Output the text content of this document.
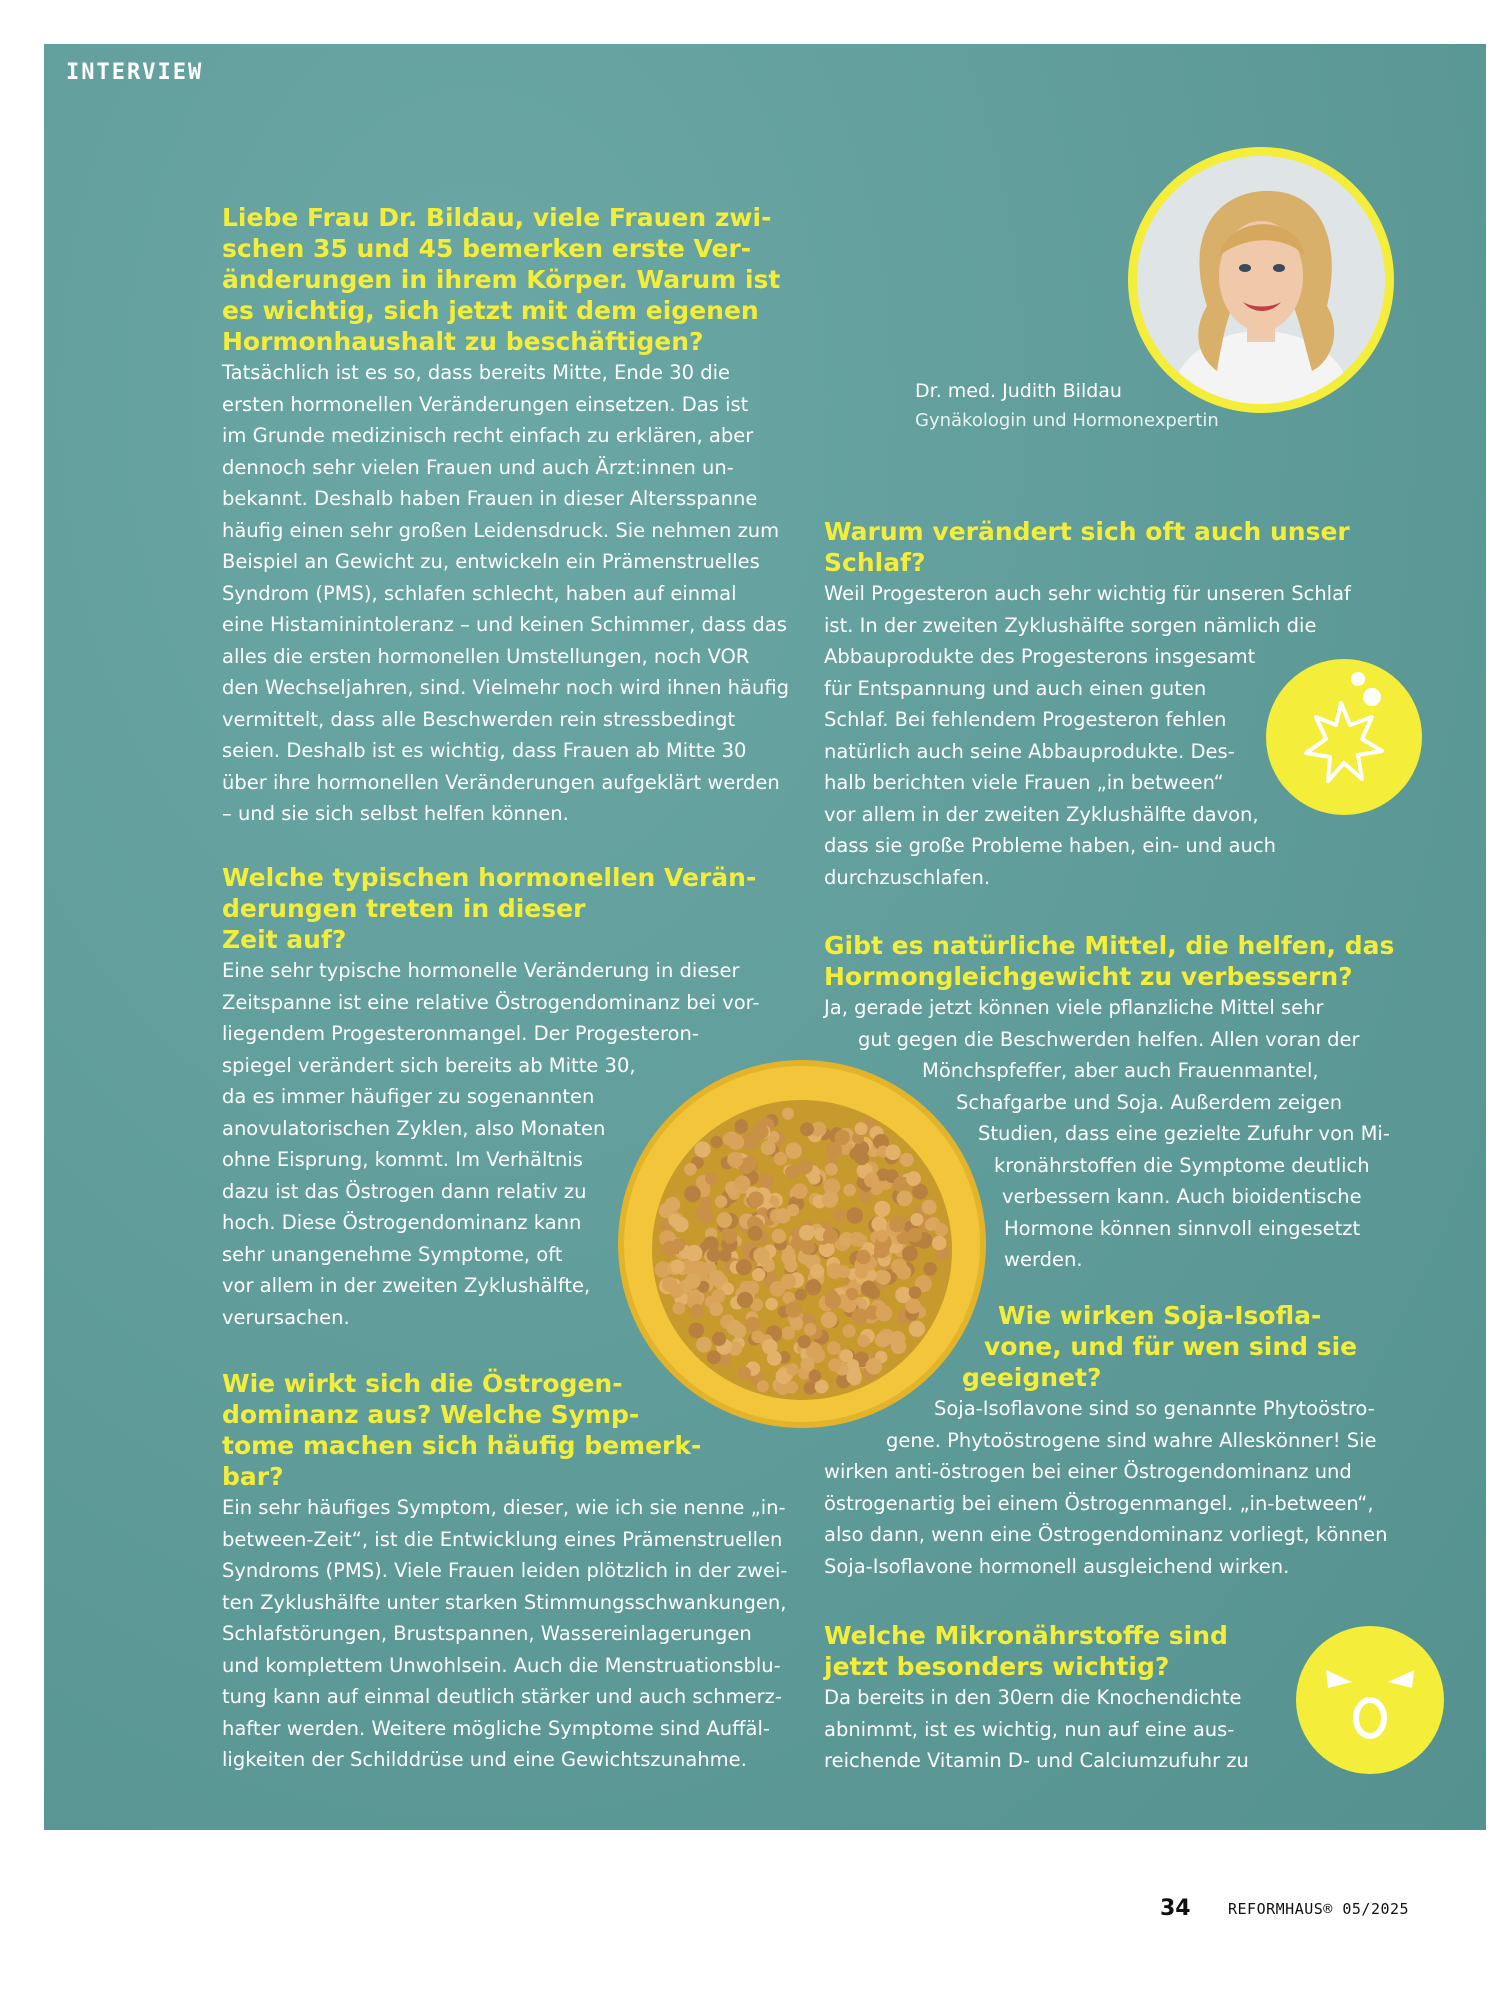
INTERVIEW
Liebe Frau Dr. Bildau, viele Frauen zwi-
schen 35 und 45 bemerken erste Ver-
änderungen in ihrem Körper. Warum ist
es wichtig, sich jetzt mit dem eigenen
Hormonhaushalt zu beschäftigen?
Tatsächlich ist es so, dass bereits Mitte, Ende 30 die
ersten hormonellen Veränderungen einsetzen. Das ist
im Grunde medizinisch recht einfach zu erklären, aber
dennoch sehr vielen Frauen und auch Ärzt:innen un-
bekannt. Deshalb haben Frauen in dieser Altersspanne
häufig einen sehr großen Leidensdruck. Sie nehmen zum
Beispiel an Gewicht zu, entwickeln ein Prämenstruelles
Syndrom (PMS), schlafen schlecht, haben auf einmal
eine Histaminintoleranz – und keinen Schimmer, dass das
alles die ersten hormonellen Umstellungen, noch VOR
den Wechseljahren, sind. Vielmehr noch wird ihnen häufig
vermittelt, dass alle Beschwerden rein stressbedingt
seien. Deshalb ist es wichtig, dass Frauen ab Mitte 30
über ihre hormonellen Veränderungen aufgeklärt werden
– und sie sich selbst helfen können.
Welche typischen hormonellen Verän-
derungen treten in dieser
Zeit auf?
Eine sehr typische hormonelle Veränderung in dieser
Zeitspanne ist eine relative Östrogendominanz bei vor-
liegendem Progesteronmangel. Der Progesteron-
spiegel verändert sich bereits ab Mitte 30,
da es immer häufiger zu sogenannten
anovulatorischen Zyklen, also Monaten
ohne Eisprung, kommt. Im Verhältnis
dazu ist das Östrogen dann relativ zu
hoch. Diese Östrogendominanz kann
sehr unangenehme Symptome, oft
vor allem in der zweiten Zyklushälfte,
verursachen.
Wie wirkt sich die Östrogen-
dominanz aus? Welche Symp-
tome machen sich häufig bemerk-
bar?
Ein sehr häufiges Symptom, dieser, wie ich sie nenne „in-
between-Zeit“, ist die Entwicklung eines Prämenstruellen
Syndroms (PMS). Viele Frauen leiden plötzlich in der zwei-
ten Zyklushälfte unter starken Stimmungsschwankungen,
Schlafstörungen, Brustspannen, Wassereinlagerungen
und komplettem Unwohlsein. Auch die Menstruationsblu-
tung kann auf einmal deutlich stärker und auch schmerz-
hafter werden. Weitere mögliche Symptome sind Auffäl-
ligkeiten der Schilddrüse und eine Gewichtszunahme.
Dr. med. Judith Bildau
Gynäkologin und Hormonexpertin
Warum verändert sich oft auch unser
Schlaf?
Weil Progesteron auch sehr wichtig für unseren Schlaf
ist. In der zweiten Zyklushälfte sorgen nämlich die
Abbauprodukte des Progesterons insgesamt
für Entspannung und auch einen guten
Schlaf. Bei fehlendem Progesteron fehlen
natürlich auch seine Abbauprodukte. Des-
halb berichten viele Frauen „in between“
vor allem in der zweiten Zyklushälfte davon,
dass sie große Probleme haben, ein- und auch
durchzuschlafen.
Gibt es natürliche Mittel, die helfen, das
Hormongleichgewicht zu verbessern?
Ja, gerade jetzt können viele pflanzliche Mittel sehr
gut gegen die Beschwerden helfen. Allen voran der
Mönchspfeffer, aber auch Frauenmantel,
Schafgarbe und Soja. Außerdem zeigen
Studien, dass eine gezielte Zufuhr von Mi-
kronährstoffen die Symptome deutlich
verbessern kann. Auch bioidentische
Hormone können sinnvoll eingesetzt
werden.
Wie wirken Soja-Isofla-
vone, und für wen sind sie
geeignet?
Soja-Isoflavone sind so genannte Phytoöstro-
gene. Phytoöstrogene sind wahre Alleskönner! Sie
wirken anti-östrogen bei einer Östrogendominanz und
östrogenartig bei einem Östrogenmangel. „in-between“,
also dann, wenn eine Östrogendominanz vorliegt, können
Soja-Isoflavone hormonell ausgleichend wirken.
Welche Mikronährstoffe sind
jetzt besonders wichtig?
Da bereits in den 30ern die Knochendichte
abnimmt, ist es wichtig, nun auf eine aus-
reichende Vitamin D- und Calciumzufuhr zu
34 REFORMHAUS® 05/2025
